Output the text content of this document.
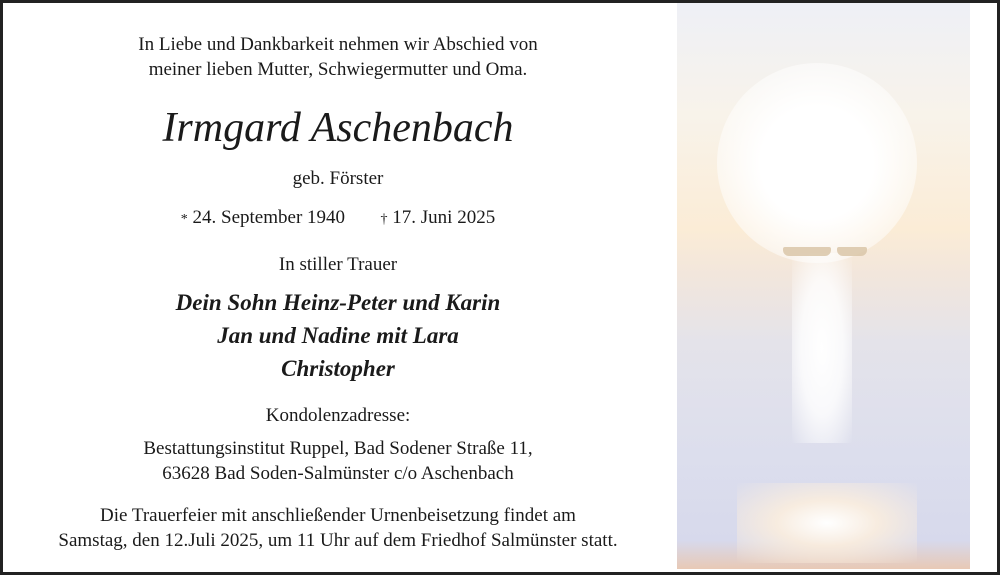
In Liebe und Dankbarkeit nehmen wir Abschied von
meiner lieben Mutter, Schwiegermutter und Oma.
Irmgard Aschenbach
geb. Förster
* 24. September 1940	† 17. Juni 2025
In stiller Trauer
Dein Sohn Heinz-Peter und Karin
Jan und Nadine mit Lara
Christopher
Kondolenzadresse:
Bestattungsinstitut Ruppel, Bad Sodener Straße 11,
63628 Bad Soden-Salmünster c/o Aschenbach
Die Trauerfeier mit anschließender Urnenbeisetzung findet am
Samstag, den 12.Juli 2025, um 11 Uhr auf dem Friedhof Salmünster statt.
